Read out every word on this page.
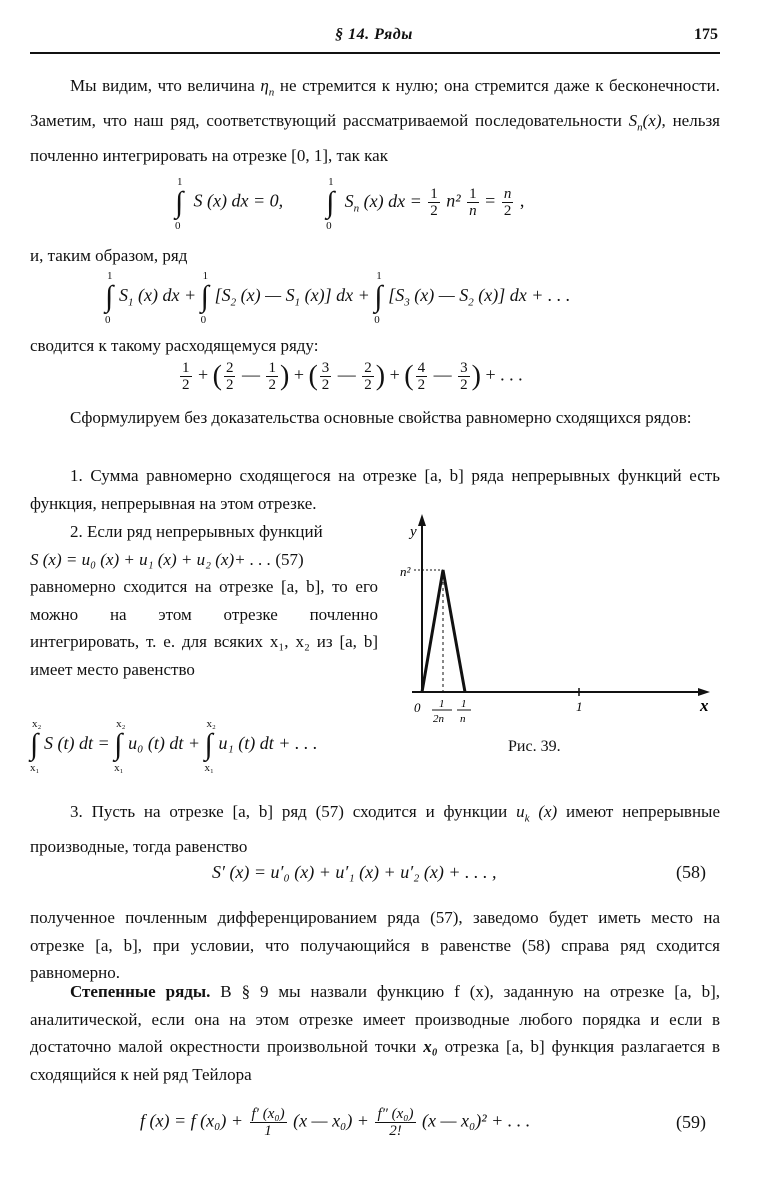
§ 14. Ряды	175

Мы видим, что величина $\eta_n$ не стремится к нулю; она стремится даже к бесконечности. Заметим, что наш ряд, соответствующий рассматриваемой последовательности $S_n(x)$, нельзя почленно интегрировать на отрезке [0, 1], так как

∫
1
0
S (x) dx = 0, ∫
1
0
$S_n$ (x) dx = $\frac{1}{2} n^2 \frac{1}{n} = \frac{n}{2}$ ,

и, таким образом, ряд

∫
1
0
$S_1$ (x) dx + ∫
1
0
[$S_2$ (x) — $S_1$ (x)] dx + ∫
1
0
[$S_3$ (x) — $S_2$ (x)] dx + . . .

сводится к такому расходящемуся ряду:

$\frac{1}{2}$ + ( $\frac{2}{2}$ — $\frac{1}{2}$ ) + ( $\frac{3}{2}$ — $\frac{2}{2}$ ) + ( $\frac{4}{2}$ — $\frac{3}{2}$ ) + . . .

Сформулируем без доказательства основные свойства равномерно сходящихся рядов:

1. Сумма равномерно сходящегося на отрезке [a, b] ряда непрерывных функций есть функция, непрерывная на этом отрезке.

2. Если ряд непрерывных функций

S (x) = u₀ (x) + u₁ (x) + u₂ (x)+ . . . (57)

равномерно сходится на отрезке [a, b], то его можно на этом отрезке почленно интегрировать, т. е. для всяких x₁, x₂ из [a, b] имеет место равенство

∫
x₂
x₁
S (t) dt = ∫
x₂
x₁
u₀ (t) dt + ∫
x₂
x₁
u₁ (t) dt + . . .
y
x
n²
0 1
2n
1
n
1
Рис. 39.

3. Пусть на отрезке [a, b] ряд (57) сходится и функции $u_k$ (x) имеют непрерывные производные, тогда равенство

S′ (x) = u′₀ (x) + u′₁ (x) + u′₂ (x) + . . . ,	(58)

полученное почленным дифференцированием ряда (57), заведомо будет иметь место на отрезке [a, b], при условии, что получающийся в равенстве (58) справа ряд сходится равномерно.

Степенные ряды. В § 9 мы назвали функцию f (x), заданную на отрезке [a, b], аналитической, если она на этом отрезке имеет производные любого порядка и если в достаточно малой окрестности произвольной точки x₀ отрезка [a, b] функция разлагается в сходящийся к ней ряд Тейлора

f (x) = f $(x_0) + \frac{\text{f′ (x₀)}}{1} (x$ — $x_0) + \frac{\text{f″ (x₀)}}{2!} (x$ — x₀)² + . . .	(59)
